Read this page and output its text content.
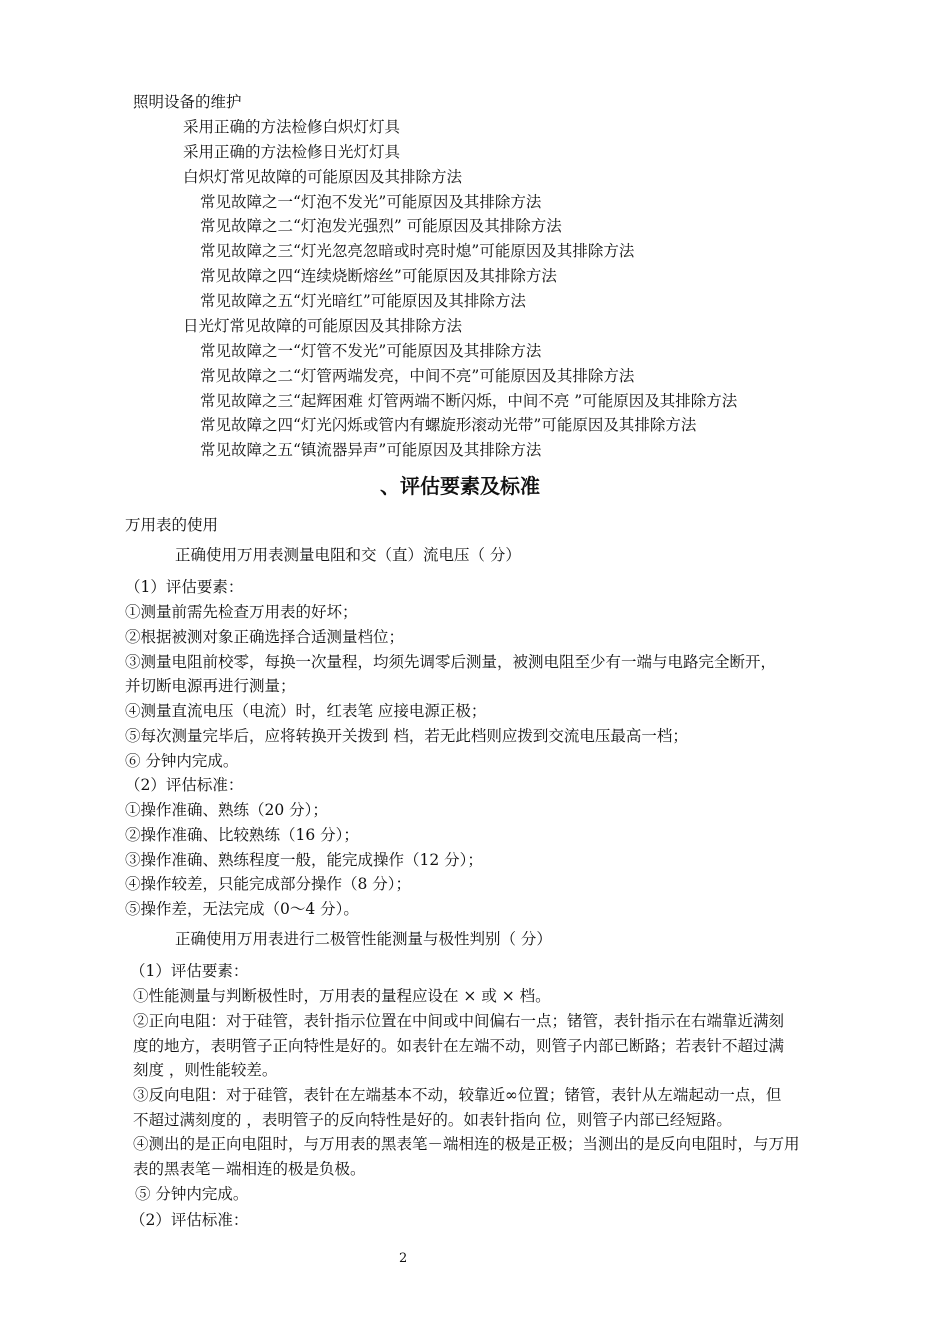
照明设备的维护
采用正确的方法检修白炽灯灯具
采用正确的方法检修日光灯灯具
白炽灯常见故障的可能原因及其排除方法
常见故障之一“灯泡不发光”可能原因及其排除方法
常见故障之二“灯泡发光强烈” 可能原因及其排除方法
常见故障之三“灯光忽亮忽暗或时亮时熄”可能原因及其排除方法
常见故障之四“连续烧断熔丝”可能原因及其排除方法
常见故障之五“灯光暗红”可能原因及其排除方法
日光灯常见故障的可能原因及其排除方法
常见故障之一“灯管不发光”可能原因及其排除方法
常见故障之二“灯管两端发亮，中间不亮”可能原因及其排除方法
常见故障之三“起辉困难 灯管两端不断闪烁，中间不亮 ”可能原因及其排除方法
常见故障之四“灯光闪烁或管内有螺旋形滚动光带”可能原因及其排除方法
常见故障之五“镇流器异声”可能原因及其排除方法
、评估要素及标准
万用表的使用
正确使用万用表测量电阻和交（直）流电压（ 分）
（1）评估要素：
①测量前需先检查万用表的好坏；
②根据被测对象正确选择合适测量档位；
③测量电阻前校零，每换一次量程，均须先调零后测量，被测电阻至少有一端与电路完全断开，
并切断电源再进行测量；
④测量直流电压（电流）时，红表笔 应接电源正极；
⑤每次测量完毕后，应将转换开关拨到 档，若无此档则应拨到交流电压最高一档；
⑥ 分钟内完成。
（2）评估标准：
①操作准确、熟练（20 分）；
②操作准确、比较熟练（16 分）；
③操作准确、熟练程度一般，能完成操作（12 分）；
④操作较差，只能完成部分操作（8 分）；
⑤操作差，无法完成（0～4 分）。
正确使用万用表进行二极管性能测量与极性判别（ 分）
（1）评估要素：
①性能测量与判断极性时，万用表的量程应设在 × 或 × 档。
②正向电阻：对于硅管，表针指示位置在中间或中间偏右一点；锗管，表针指示在右端靠近满刻
度的地方，表明管子正向特性是好的。如表针在左端不动，则管子内部已断路；若表针不超过满
刻度 ，则性能较差。
③反向电阻：对于硅管，表针在左端基本不动，较靠近∞位置；锗管，表针从左端起动一点，但
不超过满刻度的 ，表明管子的反向特性是好的。如表针指向 位，则管子内部已经短路。
④测出的是正向电阻时，与万用表的黑表笔－端相连的极是正极；当测出的是反向电阻时，与万用
表的黑表笔－端相连的极是负极。
⑤ 分钟内完成。
（2）评估标准：
2
